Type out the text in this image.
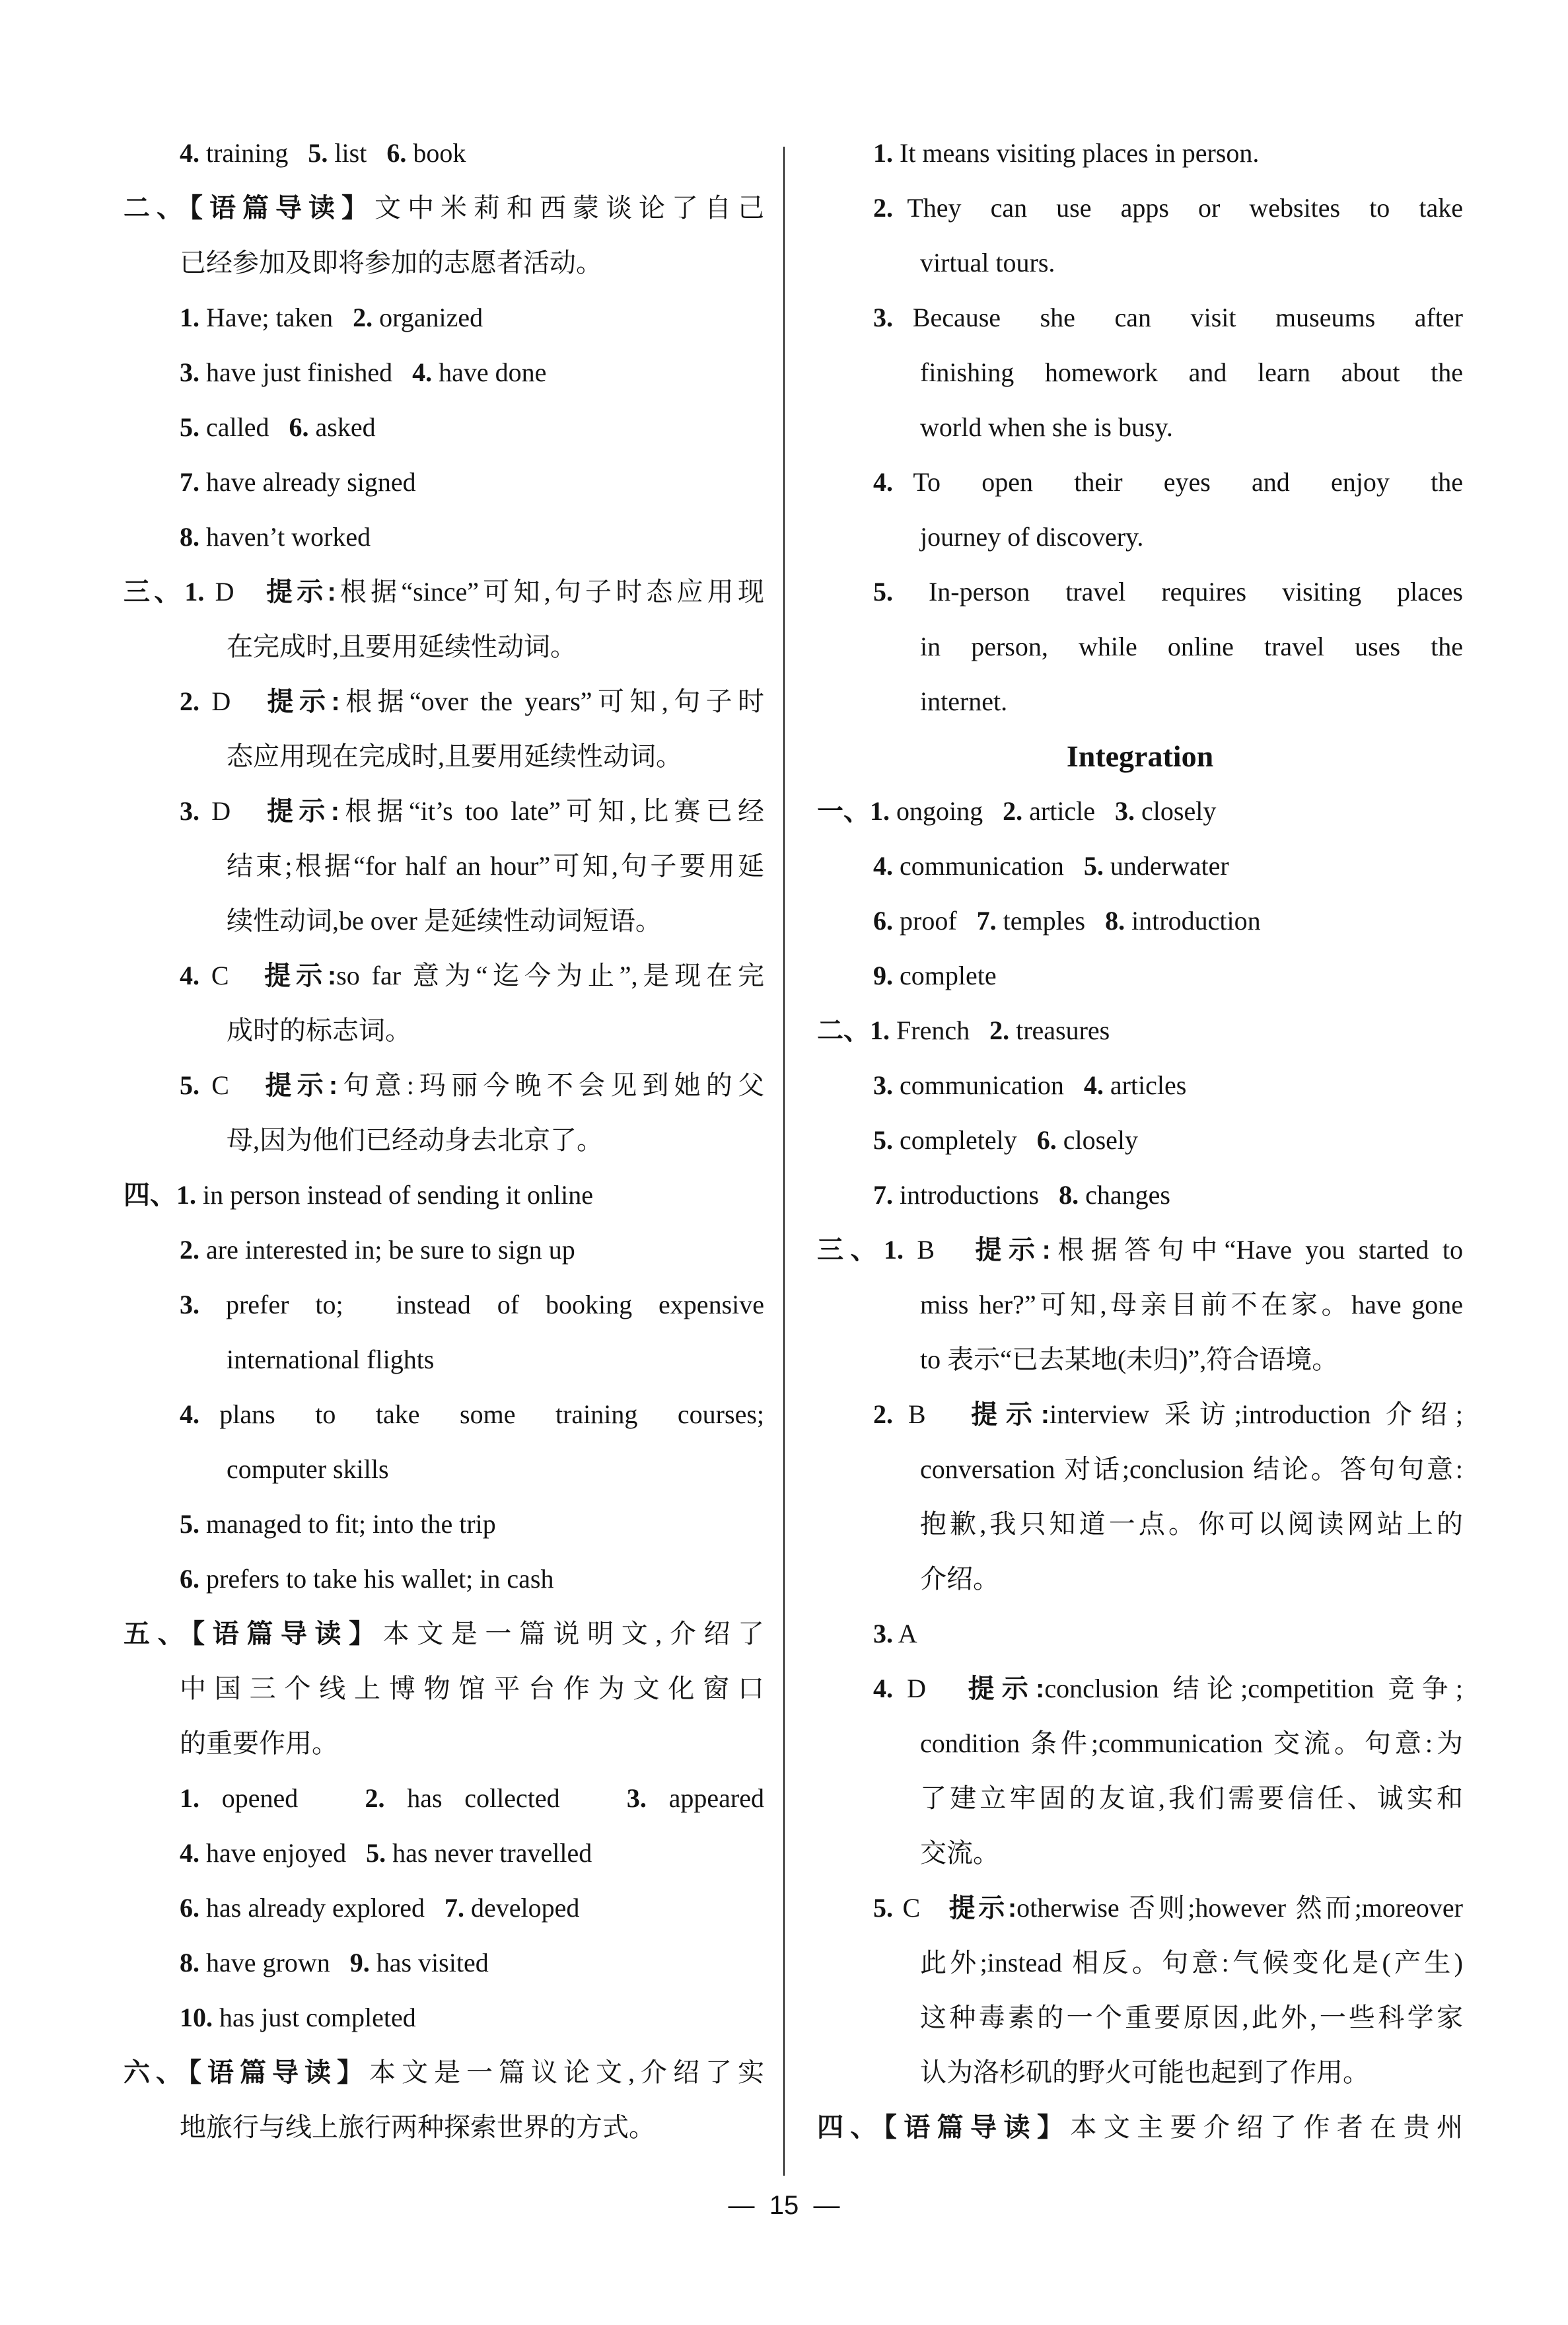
4. training   5. list   6. book
二、【语篇导读】文中米莉和西蒙谈论了自己
已经参加及即将参加的志愿者活动。
1. Have; taken   2. organized
3. have just finished   4. have done
5. called   6. asked
7. have already signed
8. haven’t worked
三、1. D   提示:根据“since”可知,句子时态应用现
在完成时,且要用延续性动词。
2. D   提示:根据“over the years”可知,句子时
态应用现在完成时,且要用延续性动词。
3. D   提示:根据“it’s too late”可知,比赛已经
结束;根据“for half an hour”可知,句子要用延
续性动词,be over 是延续性动词短语。
4. C   提示:so far 意为“迄今为止”,是现在完
成时的标志词。
5. C   提示:句意:玛丽今晚不会见到她的父
母,因为他们已经动身去北京了。
四、1. in person instead of sending it online
2. are interested in; be sure to sign up
3. prefer to;  instead of booking expensive
international flights
4. plans  to  take  some  training  courses;
computer skills
5. managed to fit; into the trip
6. prefers to take his wallet; in cash
五、【语篇导读】本文是一篇说明文,介绍了
中国三个线上博物馆平台作为文化窗口
的重要作用。
1. opened   2. has collected   3. appeared
4. have enjoyed   5. has never travelled
6. has already explored   7. developed
8. have grown   9. has visited
10. has just completed
六、【语篇导读】本文是一篇议论文,介绍了实
地旅行与线上旅行两种探索世界的方式。
1. It means visiting places in person.
2. They  can  use  apps  or  websites  to  take
virtual tours.
3. Because  she  can  visit  museums  after
finishing  homework  and  learn  about  the
world when she is busy.
4. To  open  their  eyes  and  enjoy  the
journey of discovery.
5. In-person travel requires visiting places
in  person,  while  online  travel  uses  the
internet.
Integration
一、1. ongoing   2. article   3. closely
4. communication   5. underwater
6. proof   7. temples   8. introduction
9. complete
二、1. French   2. treasures
3. communication   4. articles
5. completely   6. closely
7. introductions   8. changes
三、1. B   提示:根据答句中“Have you started to
miss her?”可知,母亲目前不在家。have gone
to 表示“已去某地(未归)”,符合语境。
2. B   提示:interview 采访;introduction 介绍;
conversation 对话;conclusion 结论。答句句意:
抱歉,我只知道一点。你可以阅读网站上的
介绍。
3. A
4. D   提示:conclusion 结论;competition 竞争;
condition 条件;communication 交流。句意:为
了建立牢固的友谊,我们需要信任、诚实和
交流。
5. C   提示:otherwise 否则;however 然而;moreover
此外;instead 相反。句意:气候变化是(产生)
这种毒素的一个重要原因,此外,一些科学家
认为洛杉矶的野火可能也起到了作用。
四、【语篇导读】本文主要介绍了作者在贵州
—  15  —
